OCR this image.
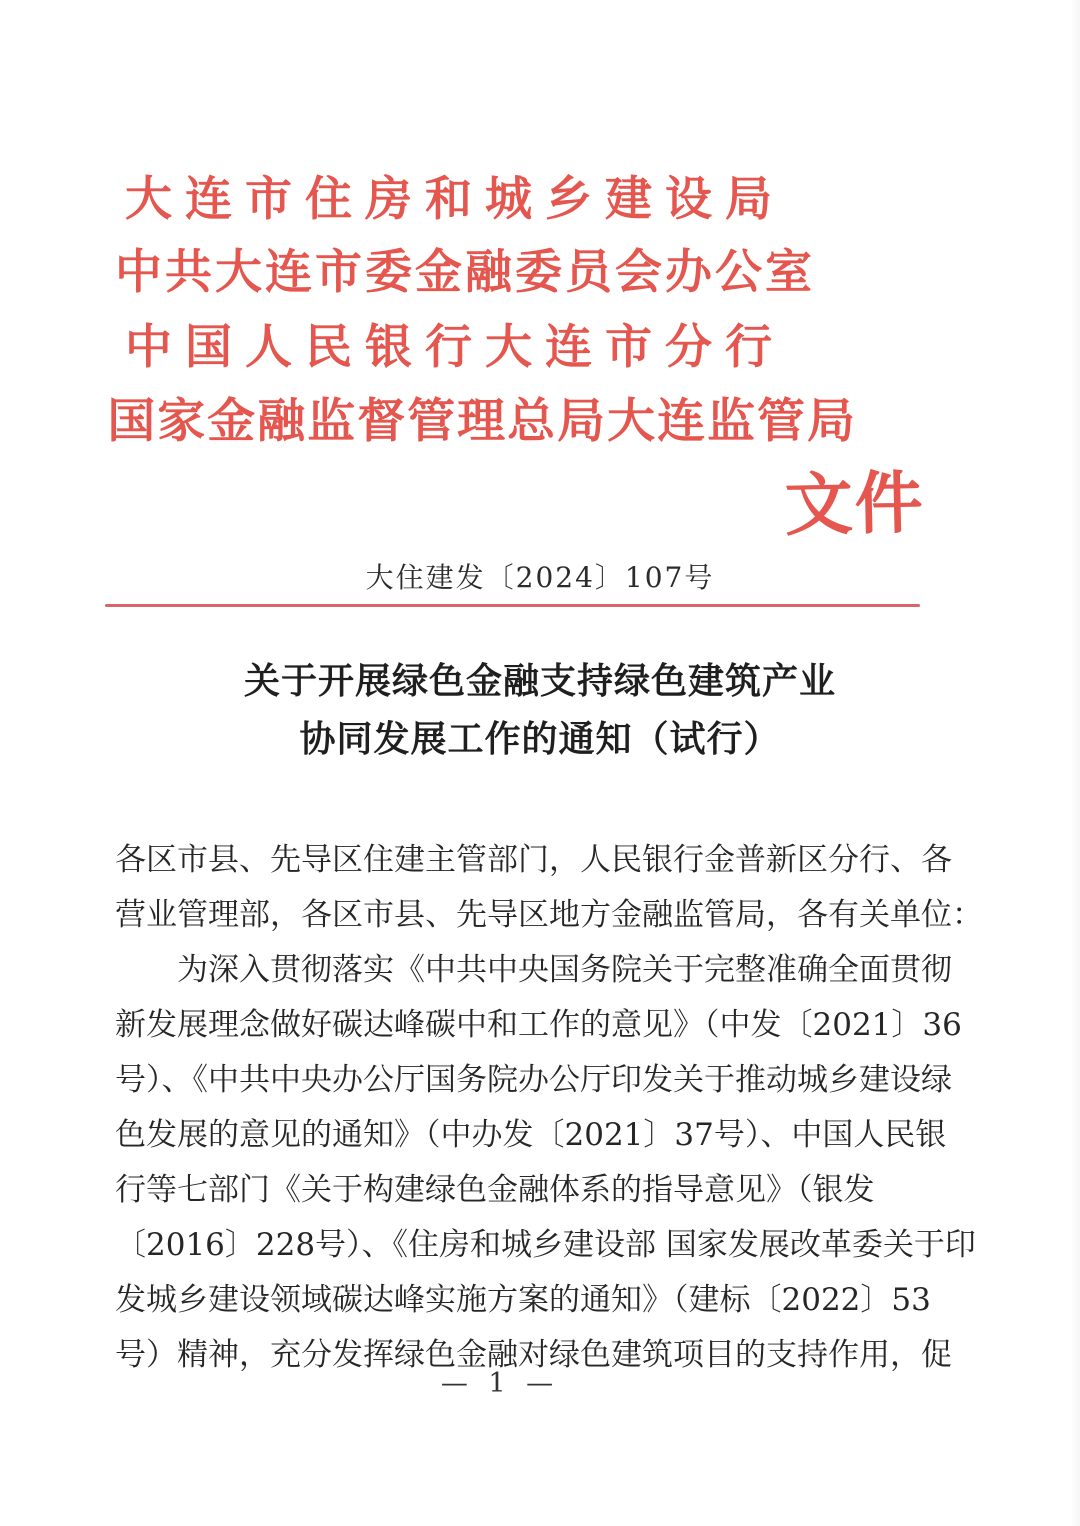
大连市住房和城乡建设局
中共大连市委金融委员会办公室
中国人民银行大连市分行
国家金融监督管理总局大连监管局
文件
大住建发〔2024〕107号
关于开展绿色金融支持绿色建筑产业
协同发展工作的通知（试行）
各区市县、先导区住建主管部门，人民银行金普新区分行、各
营业管理部，各区市县、先导区地方金融监管局，各有关单位：
为深入贯彻落实《中共中央国务院关于完整准确全面贯彻
新发展理念做好碳达峰碳中和工作的意见》（中发〔2021〕36
号）、《中共中央办公厅国务院办公厅印发关于推动城乡建设绿
色发展的意见的通知》（中办发〔2021〕37号）、中国人民银
行等七部门《关于构建绿色金融体系的指导意见》（银发
〔2016〕228号）、《住房和城乡建设部 国家发展改革委关于印
发城乡建设领域碳达峰实施方案的通知》（建标〔2022〕53
号）精神，充分发挥绿色金融对绿色建筑项目的支持作用，促
— 1 —
